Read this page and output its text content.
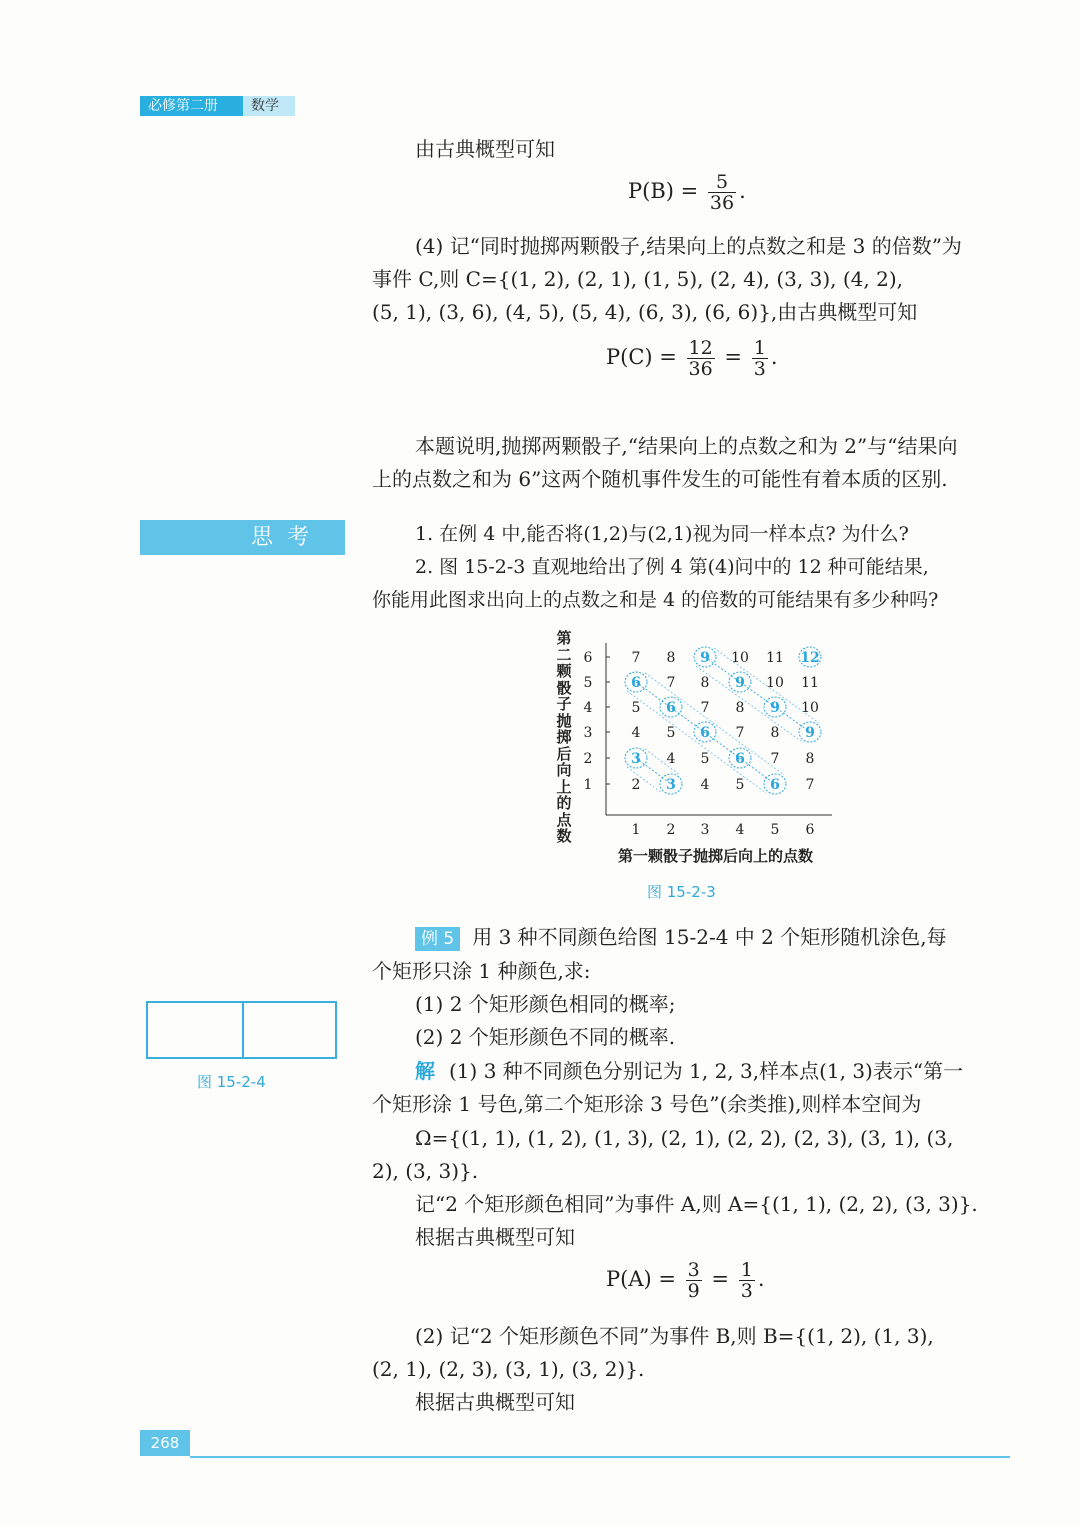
必修第二册	数学
由古典概型可知
$P(B) = \frac{5}{36}$ .
(4) 记“同时抛掷两颗骰子,结果向上的点数之和是 3 的倍数”为
事件 C,则 C={(1, 2), (2, 1), (1, 5), (2, 4), (3, 3), (4, 2),
(5, 1), (3, 6), (4, 5), (5, 4), (6, 3), (6, 6)},由古典概型可知
$P(C) = \frac{12}{36} = \frac{1}{3}$ .
本题说明,抛掷两颗骰子,“结果向上的点数之和为 2”与“结果向
上的点数之和为 6”这两个随机事件发生的可能性有着本质的区别.
思考	1. 在例 4 中,能否将(1,2)与(2,1)视为同一样本点? 为什么?
2. 图 15-2-3 直观地给出了例 4 第(4)问中的 12 种可能结果,
你能用此图求出向上的点数之和是 4 的倍数的可能结果有多少种吗?
第二颗骰子抛掷后向上的点数
1
2
3
4
5
6
1 2 3 4 5 6
7 8 9 10 11 12
6 7 8 9 10 11
5 6 7 8 9 10
4 5 6 7 8 9
3 4 5 6 7 8
2 3 4 5 6 7
第一颗骰子抛掷后向上的点数
图 15-2-3
例 5 用 3 种不同颜色给图 15-2-4 中 2 个矩形随机涂色,每
个矩形只涂 1 种颜色,求:
(1) 2 个矩形颜色相同的概率;
(2) 2 个矩形颜色不同的概率.
图 15-2-4	解 (1) 3 种不同颜色分别记为 1, 2, 3,样本点(1, 3)表示“第一
个矩形涂 1 号色,第二个矩形涂 3 号色”(余类推),则样本空间为
Ω={(1, 1), (1, 2), (1, 3), (2, 1), (2, 2), (2, 3), (3, 1), (3,
2), (3, 3)}.
记“2 个矩形颜色相同”为事件 A,则 A={(1, 1), (2, 2), (3, 3)}.
根据古典概型可知
$P(A) = \frac{3}{9} = \frac{1}{3}$ .
(2) 记“2 个矩形颜色不同”为事件 B,则 B={(1, 2), (1, 3),
(2, 1), (2, 3), (3, 1), (3, 2)}.
根据古典概型可知
268
